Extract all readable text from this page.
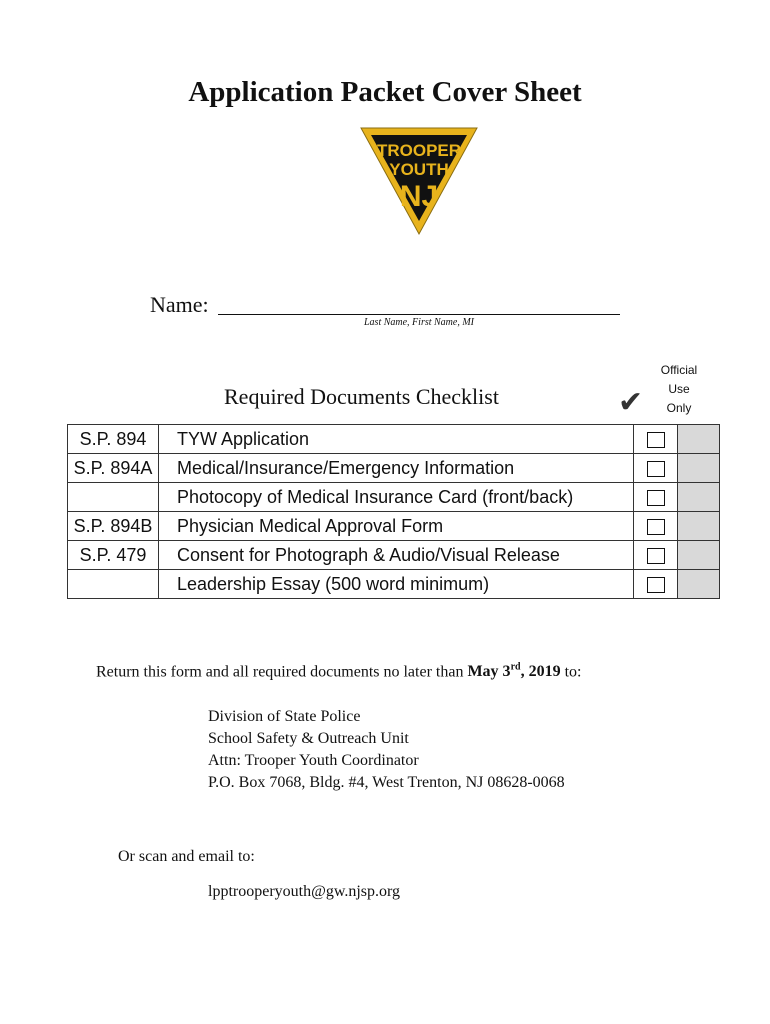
Application Packet Cover Sheet
TROOPER
YOUTH
NJ
Name:
Last Name, First Name, MI
Official
Use
Only
Required Documents Checklist	✔
S.P. 894	TYW Application		
S.P. 894A	Medical/Insurance/Emergency Information		
	Photocopy of Medical Insurance Card (front/back)		
S.P. 894B	Physician Medical Approval Form		
S.P. 479	Consent for Photograph & Audio/Visual Release		
	Leadership Essay (500 word minimum)		
Return this form and all required documents no later than May 3rd, 2019 to:
Division of State Police
School Safety & Outreach Unit
Attn: Trooper Youth Coordinator
P.O. Box 7068, Bldg. #4, West Trenton, NJ 08628-0068
Or scan and email to:
lpptrooperyouth@gw.njsp.org
